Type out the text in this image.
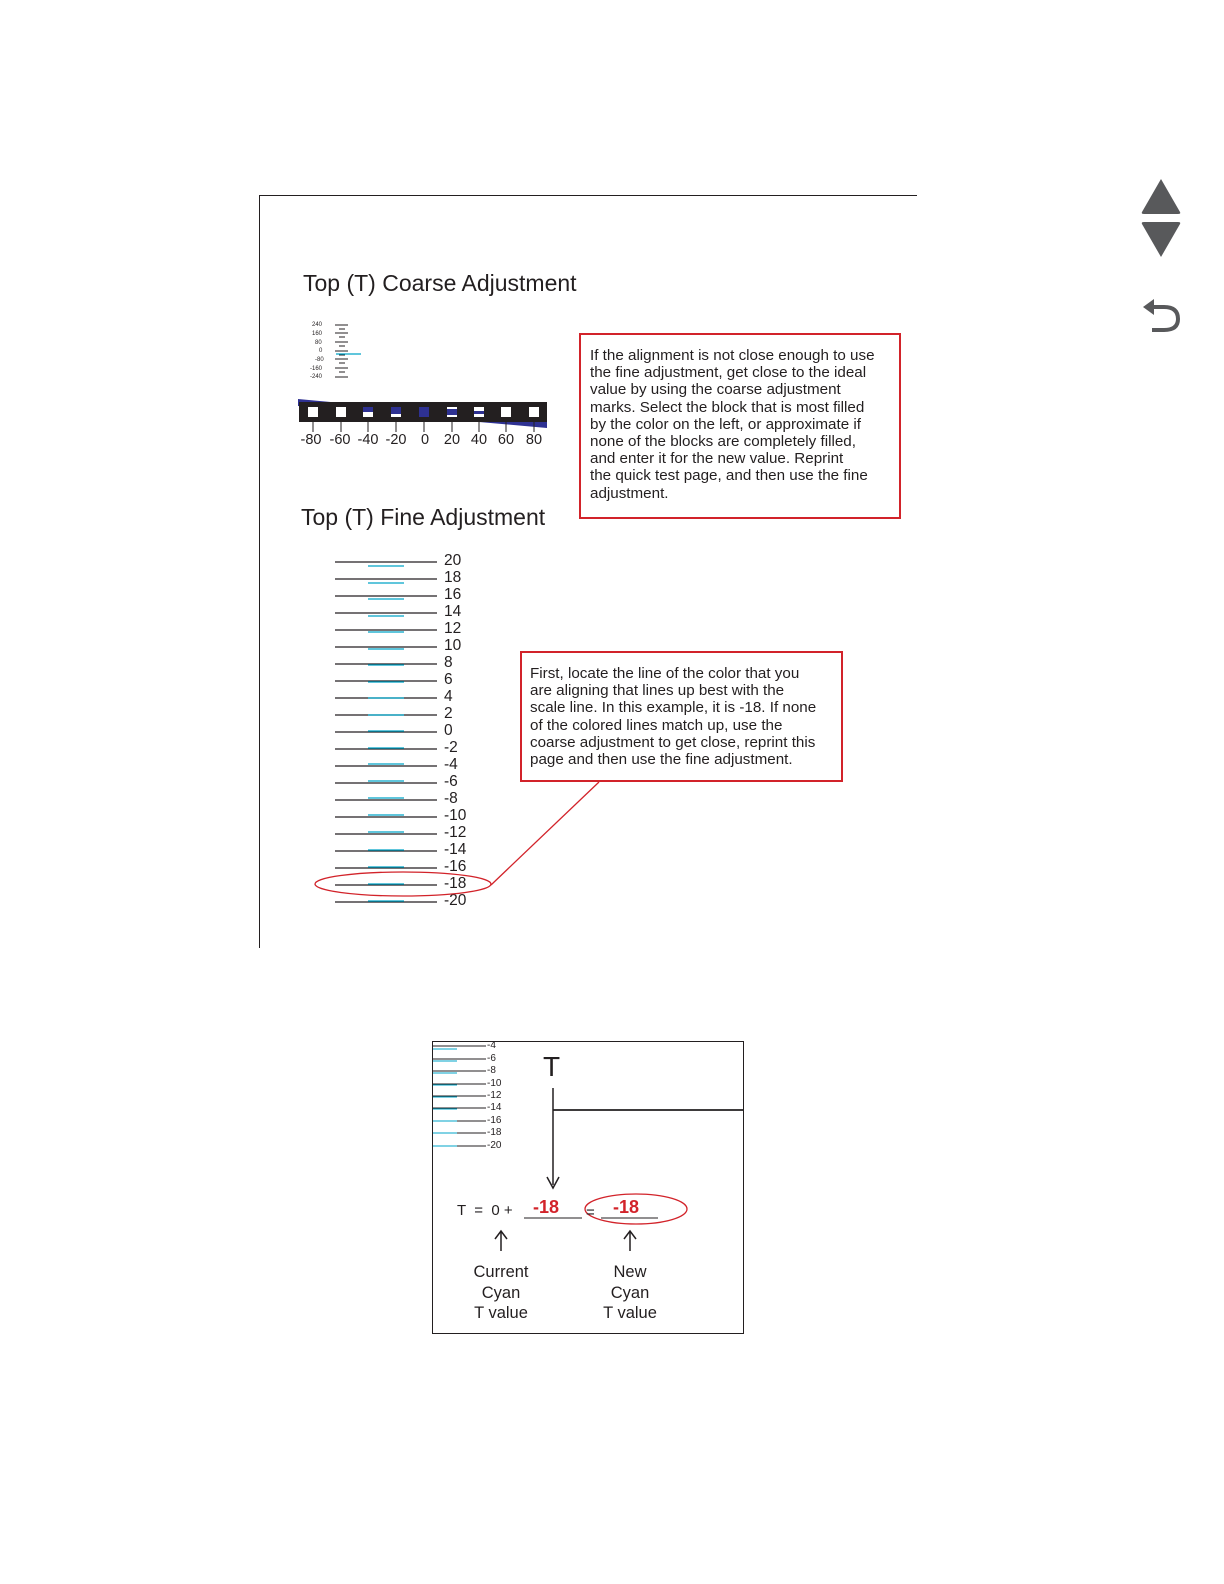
Top (T) Coarse Adjustment
240
160
80
0
-80
-160
-240
-80 -60 -40 -20 0 20 40 60 80
If the alignment is not close enough to use
the fine adjustment, get close to the ideal
value by using the coarse adjustment
marks. Select the block that is most filled
by the color on the left, or approximate if
none of the blocks are completely filled,
and enter it for the new value. Reprint
the quick test page, and then use the fine
adjustment.
Top (T) Fine Adjustment
20
18
16
14
12
10
8
6
4
2
0
-2
-4
-6
-8
-10
-12
-14
-16
-18
-20
First, locate the line of the color that you
are aligning that lines up best with the
scale line. In this example, it is -18. If none
of the colored lines match up, use the
coarse adjustment to get close, reprint this
page and then use the fine adjustment.
-4
-6
-8
-10
-12
-14
-16
-18
-20
T
T  =  0 + -18 = -18
Current
Cyan
T value
New
Cyan
T value
